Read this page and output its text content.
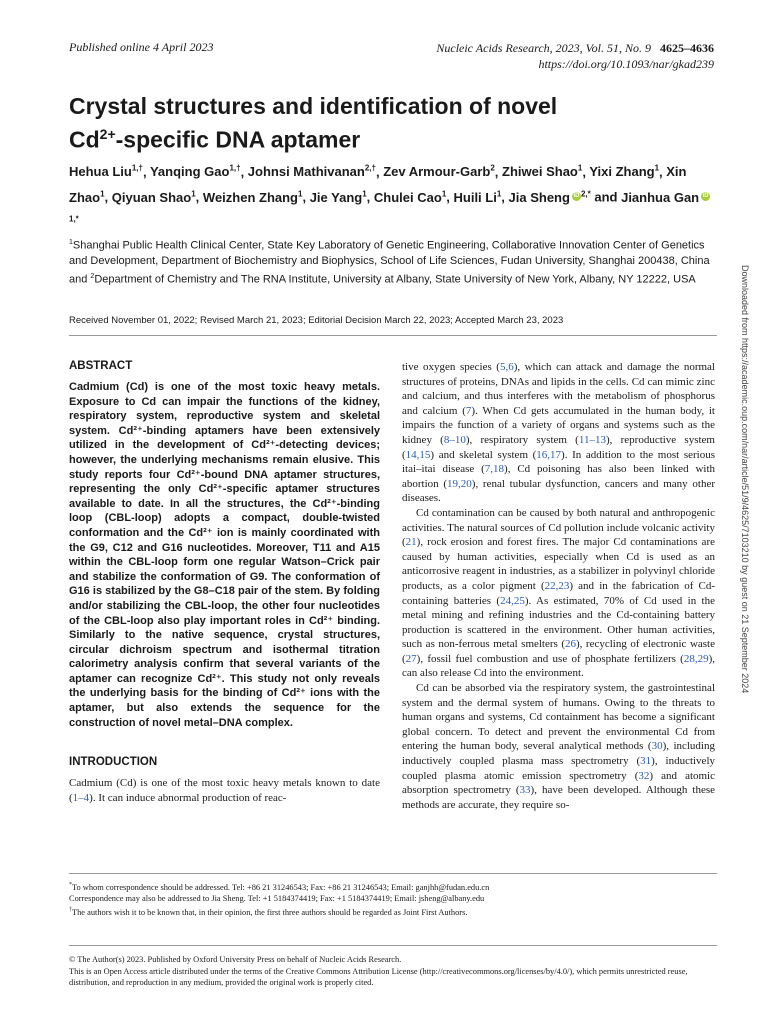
Published online 4 April 2023	Nucleic Acids Research, 2023, Vol. 51, No. 9 4625–4636
https://doi.org/10.1093/nar/gkad239
Crystal structures and identification of novel
$Cd^{2+}$-specific DNA aptamer
Hehua Liu$^{1,\dagger}$, Yanqing Gao$^{1,\dagger}$, Johnsi Mathivanan$^{2,\dagger}$, Zev Armour-Garb$^2$, Zhiwei Shao$^1$, Yixi Zhang$^1$, Xin Zhao$^1$, Qiyuan Shao$^1$, Weizhen Zhang$^1$, Jie Yang$^1$, Chulei Cao$^1$, Huili Li$^1$, Jia Sheng iD $^{2,*}$ and Jianhua Gan $iD^{1,*}$
$^1$Shanghai Public Health Clinical Center, State Key Laboratory of Genetic Engineering, Collaborative Innovation Center of Genetics and Development, Department of Biochemistry and Biophysics, School of Life Sciences, Fudan University, Shanghai 200438, China and $^2$Department of Chemistry and The RNA Institute, University at Albany, State University of New York, Albany, NY 12222, USA
Received November 01, 2022; Revised March 21, 2023; Editorial Decision March 22, 2023; Accepted March 23, 2023
ABSTRACT

Cadmium (Cd) is one of the most toxic heavy metals. Exposure to Cd can impair the functions of the kidney, respiratory system, reproductive system and skeletal system. Cd²⁺-binding aptamers have been extensively utilized in the development of Cd²⁺-detecting devices; however, the underlying mechanisms remain elusive. This study reports four Cd²⁺-bound DNA aptamer structures, representing the only Cd²⁺-specific aptamer structures available to date. In all the structures, the Cd²⁺-binding loop (CBL-loop) adopts a compact, double-twisted conformation and the Cd²⁺ ion is mainly coordinated with the G9, C12 and G16 nucleotides. Moreover, T11 and A15 within the CBL-loop form one regular Watson–Crick pair and stabilize the conformation of G9. The conformation of G16 is stabilized by the G8–C18 pair of the stem. By folding and/or stabilizing the CBL-loop, the other four nucleotides of the CBL-loop also play important roles in Cd²⁺ binding. Similarly to the native sequence, crystal structures, circular dichroism spectrum and isothermal titration calorimetry analysis confirm that several variants of the aptamer can recognize Cd²⁺. This study not only reveals the underlying basis for the binding of Cd²⁺ ions with the aptamer, but also extends the sequence for the construction of novel metal–DNA complex.

INTRODUCTION

Cadmium (Cd) is one of the most toxic heavy metals known to date (1–4). It can induce abnormal production of reac-

tive oxygen species (5,6), which can attack and damage the normal structures of proteins, DNAs and lipids in the cells. Cd can mimic zinc and calcium, and thus interferes with the metabolism of phosphorus and calcium (7). When Cd gets accumulated in the human body, it impairs the function of a variety of organs and systems such as the kidney (8–10), respiratory system (11–13), reproductive system (14,15) and skeletal system (16,17). In addition to the most serious itai–itai disease (7,18), Cd poisoning has also been linked with abortion (19,20), renal tubular dysfunction, cancers and many other diseases.

Cd contamination can be caused by both natural and anthropogenic activities. The natural sources of Cd pollution include volcanic activity (21), rock erosion and forest fires. The major Cd contaminations are caused by human activities, especially when Cd is used as an anticorrosive reagent in industries, as a stabilizer in polyvinyl chloride products, as a color pigment (22,23) and in the fabrication of Cd-containing batteries (24,25). As estimated, 70% of Cd used in the metal mining and refining industries and the Cd-containing battery production is scattered in the environment. Other human activities, such as non-ferrous metal smelters (26), recycling of electronic waste (27), fossil fuel combustion and use of phosphate fertilizers (28,29), can also release Cd into the environment.

Cd can be absorbed via the respiratory system, the gastrointestinal system and the dermal system of humans. Owing to the threats to human organs and systems, Cd containment has become a significant global concern. To detect and prevent the environmental Cd from entering the human body, several analytical methods (30), including inductively coupled plasma mass spectrometry (31), inductively coupled plasma atomic emission spectrometry (32) and atomic absorption spectrometry (33), have been developed. Although these methods are accurate, they require so-

*To whom correspondence should be addressed. Tel: +86 21 31246543; Fax: +86 21 31246543; Email: ganjhh@fudan.edu.cn
Correspondence may also be addressed to Jia Sheng. Tel: +1 5184374419; Fax: +1 5184374419; Email: jsheng@albany.edu
†The authors wish it to be known that, in their opinion, the first three authors should be regarded as Joint First Authors.
© The Author(s) 2023. Published by Oxford University Press on behalf of Nucleic Acids Research.
This is an Open Access article distributed under the terms of the Creative Commons Attribution License (http://creativecommons.org/licenses/by/4.0/), which permits unrestricted reuse, distribution, and reproduction in any medium, provided the original work is properly cited.
Downloaded from https://academic.oup.com/nar/article/51/9/4625/7103210 by guest on 21 September 2024
